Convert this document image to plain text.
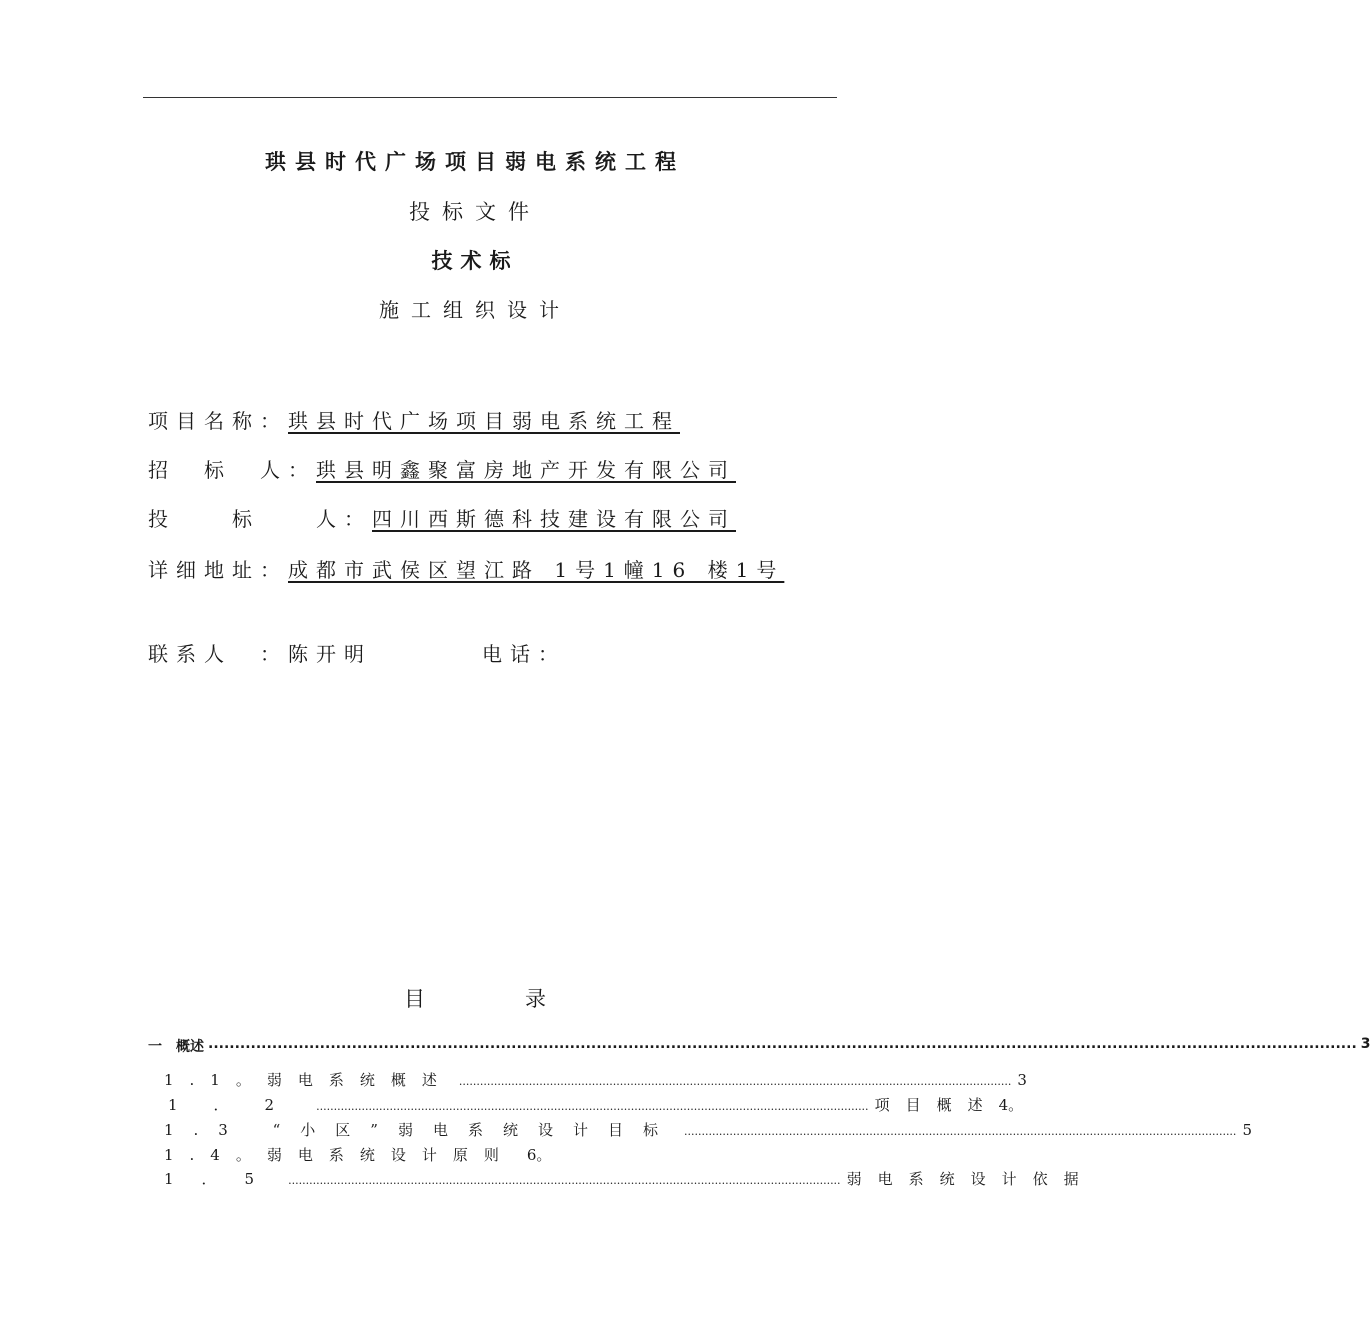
珙县时代广场项目弱电系统工程
投标文件
技术标
施工组织设计
项目名称：珙县时代广场项目弱电系统工程
招　标　人：珙县明鑫聚富房地产开发有限公司
投　　标　　人：四川西斯德科技建设有限公司
详细地址：成都市武侯区望江路 1号1幢16 楼1号
联系人　：陈开明	电话：
目	录
一　概述 ........................................................................................................................................................................................................................ 3
1.1。弱电系统概述 .............................................................................................................................................................. 3
1．2 .............................................................................................................................................................. 项目概述 4。
1.3 “小区”弱电系统设计目标 .............................................................................................................................................................. 5
1.4。弱电系统设计原则 6。
1．5 .............................................................................................................................................................. 弱电系统设计依据
